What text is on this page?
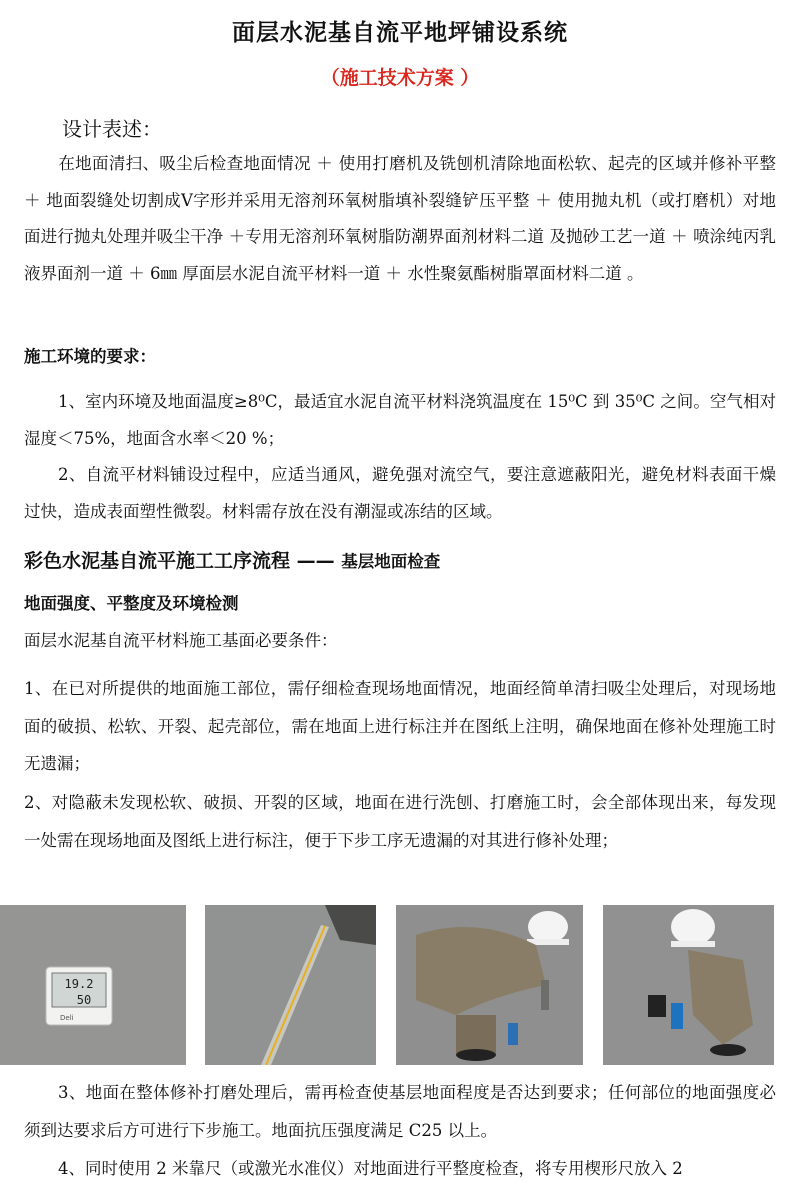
面层水泥基自流平地坪铺设系统
（施工技术方案 ）
设计表述：
在地面清扫、吸尘后检查地面情况 ＋ 使用打磨机及铣刨机清除地面松软、起壳的区域并修补平整 ＋ 地面裂缝处切割成V字形并采用无溶剂环氧树脂填补裂缝铲压平整 ＋ 使用抛丸机（或打磨机）对地面进行抛丸处理并吸尘干净 ＋专用无溶剂环氧树脂防潮界面剂材料二道 及抛砂工艺一道 ＋ 喷涂纯丙乳液界面剂一道 ＋ 6㎜ 厚面层水泥自流平材料一道 ＋ 水性聚氨酯树脂罩面材料二道 。
施工环境的要求：
1、室内环境及地面温度≥8⁰C，最适宜水泥自流平材料浇筑温度在 15⁰C 到 35⁰C 之间。空气相对湿度＜75%，地面含水率＜20 %；
2、自流平材料铺设过程中，应适当通风，避免强对流空气，要注意遮蔽阳光，避免材料表面干燥过快，造成表面塑性微裂。材料需存放在没有潮湿或冻结的区域。
彩色水泥基自流平施工工序流程 —— 基层地面检查
地面强度、平整度及环境检测
面层水泥基自流平材料施工基面必要条件：
1、在已对所提供的地面施工部位，需仔细检查现场地面情况，地面经简单清扫吸尘处理后，对现场地面的破损、松软、开裂、起壳部位，需在地面上进行标注并在图纸上注明，确保地面在修补处理施工时无遗漏；
2、对隐蔽未发现松软、破损、开裂的区域，地面在进行洗刨、打磨施工时，会全部体现出来，每发现一处需在现场地面及图纸上进行标注，便于下步工序无遗漏的对其进行修补处理；
19.2
50
Deli
3、地面在整体修补打磨处理后，需再检查使基层地面程度是否达到要求；任何部位的地面强度必须到达要求后方可进行下步施工。地面抗压强度满足 C25 以上。
4、同时使用 2 米靠尺（或激光水准仪）对地面进行平整度检查，将专用楔形尺放入 2
